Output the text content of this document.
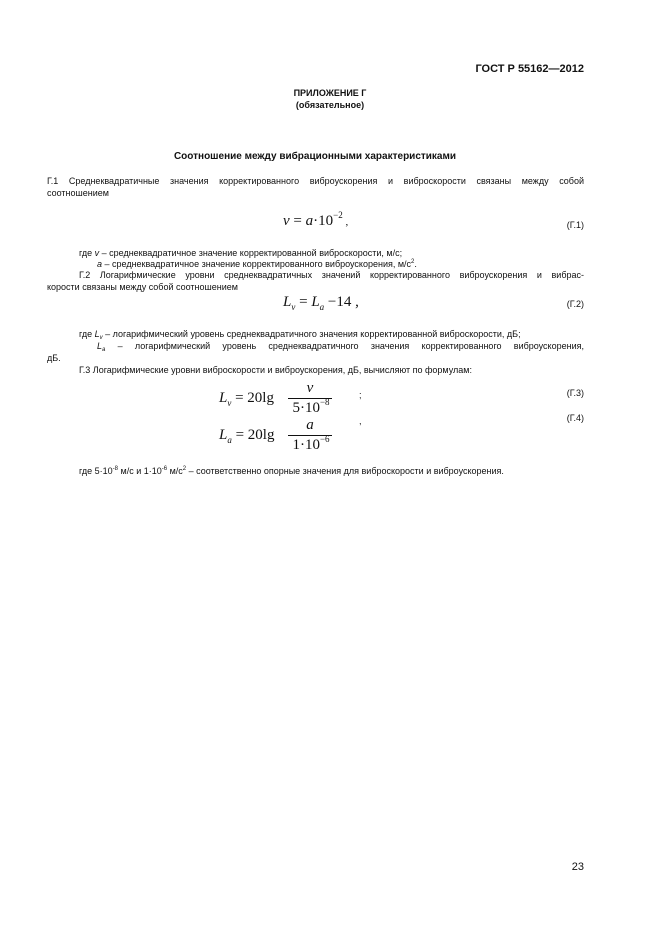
ГОСТ Р 55162—2012
ПРИЛОЖЕНИЕ Г
(обязательное)
Соотношение между вибрационными характеристиками
Г.1 Среднеквадратичные значения корректированного виброускорения и виброскорости связаны между собой
соотношением
$v = a\cdot 10^{-2}$ ,	(Г.1)
где v – среднеквадратичное значение корректированной виброскорости, м/с;
a – среднеквадратичное значение корректированного виброускорения, $м/с^2$.
Г.2 Логарифмические уровни среднеквадратичных значений корректированного виброускорения и вибрас-
корости связаны между собой соотношением
$L_v = L_a -14$ ,	(Г.2)
где $L_v$ – логарифмический уровень среднеквадратичного значения корректированной виброскорости, дБ;
$L_a$ – логарифмический уровень среднеквадратичного значения корректированного виброускорения,
дБ.
Г.3 Логарифмические уровни виброскорости и виброускорения, дБ, вычисляют по формулам:
$L_v = 20\lg$
v
$5\cdot 10^{-8}$
;	(Г.3)
$L_a = 20\lg$
a
$1\cdot 10^{-6}$
,	(Г.4)
где $5\cdot 10^{-8}$ м/с и $1\cdot 10^{-6}$ $м/с^2$ – соответственно опорные значения для виброскорости и виброускорения.
23
